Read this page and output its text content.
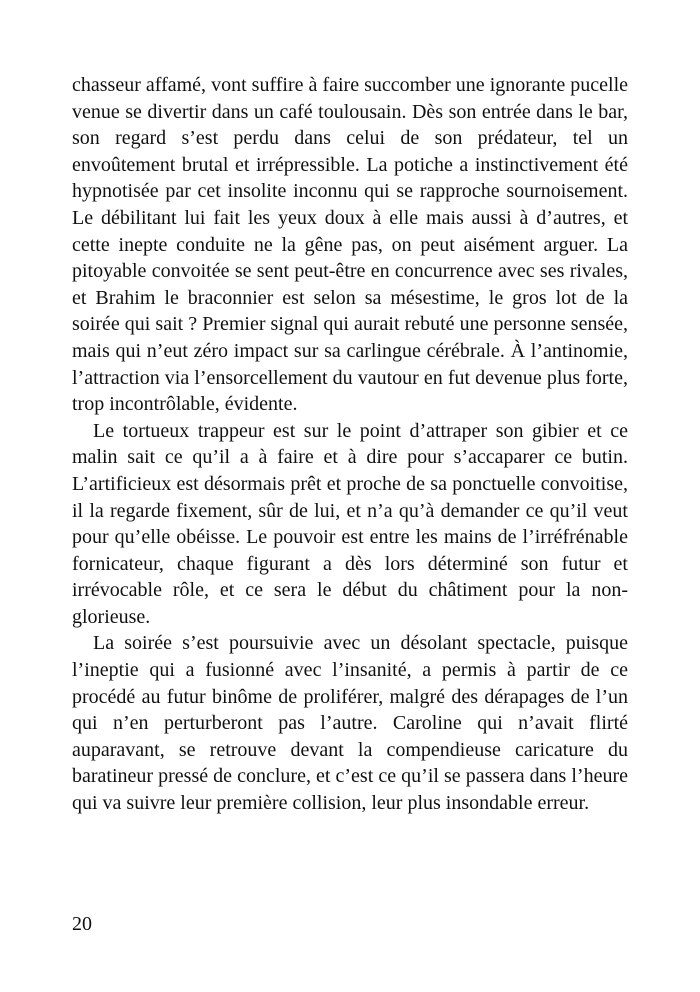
chasseur affamé, vont suffire à faire succomber une ignorante pucelle venue se divertir dans un café toulousain. Dès son entrée dans le bar, son regard s’est perdu dans celui de son prédateur, tel un envoûtement brutal et irrépressible. La potiche a instinctivement été hypnotisée par cet insolite inconnu qui se rapproche sournoisement. Le débilitant lui fait les yeux doux à elle mais aussi à d’autres, et cette inepte conduite ne la gêne pas, on peut aisément arguer. La pitoyable convoitée se sent peut-être en concurrence avec ses rivales, et Brahim le braconnier est selon sa mésestime, le gros lot de la soirée qui sait ? Premier signal qui aurait rebuté une personne sensée, mais qui n’eut zéro impact sur sa carlingue cérébrale. À l’antinomie, l’attraction via l’ensorcellement du vautour en fut devenue plus forte, trop incontrôlable, évidente.

Le tortueux trappeur est sur le point d’attraper son gibier et ce malin sait ce qu’il a à faire et à dire pour s’accaparer ce butin. L’artificieux est désormais prêt et proche de sa ponctuelle convoitise, il la regarde fixement, sûr de lui, et n’a qu’à demander ce qu’il veut pour qu’elle obéisse. Le pouvoir est entre les mains de l’irréfrénable fornicateur, chaque figurant a dès lors déterminé son futur et irrévocable rôle, et ce sera le début du châtiment pour la non-glorieuse.

La soirée s’est poursuivie avec un désolant spectacle, puisque l’ineptie qui a fusionné avec l’insanité, a permis à partir de ce procédé au futur binôme de proliférer, malgré des dérapages de l’un qui n’en perturberont pas l’autre. Caroline qui n’avait flirté auparavant, se retrouve devant la compendieuse caricature du baratineur pressé de conclure, et c’est ce qu’il se passera dans l’heure qui va suivre leur première collision, leur plus insondable erreur.

20
